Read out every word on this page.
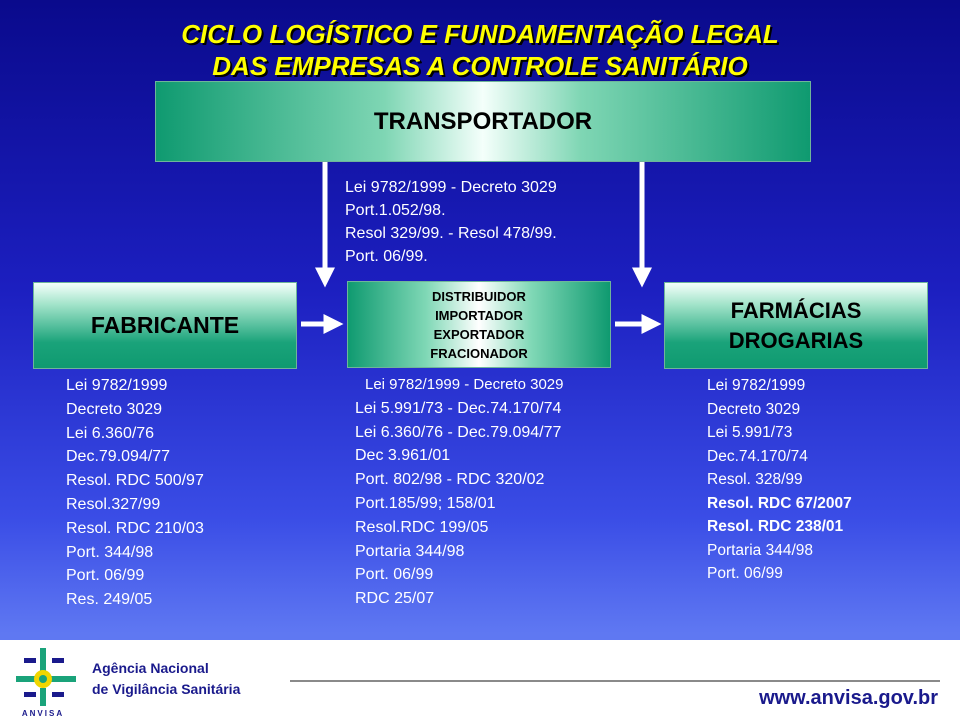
CICLO LOGÍSTICO E FUNDAMENTAÇÃO LEGAL
DAS EMPRESAS A CONTROLE SANITÁRIO
TRANSPORTADOR
Lei 9782/1999 - Decreto 3029
Port.1.052/98.
Resol 329/99. - Resol 478/99.
Port. 06/99.
FABRICANTE
DISTRIBUIDOR
IMPORTADOR
EXPORTADOR
FRACIONADOR
FARMÁCIAS
DROGARIAS
Lei 9782/1999
Decreto 3029
Lei 6.360/76
Dec.79.094/77
Resol. RDC 500/97
Resol.327/99
Resol. RDC 210/03
Port. 344/98
Port. 06/99
Res. 249/05
Lei 9782/1999 - Decreto 3029
Lei 5.991/73 - Dec.74.170/74
Lei 6.360/76 - Dec.79.094/77
Dec 3.961/01
Port. 802/98 - RDC 320/02
Port.185/99; 158/01
Resol.RDC 199/05
Portaria 344/98
Port. 06/99
RDC 25/07
Lei 9782/1999
Decreto 3029
Lei 5.991/73
Dec.74.170/74
Resol. 328/99
Resol. RDC 67/2007
Resol. RDC 238/01
Portaria 344/98
Port. 06/99
ANVISA
Agência Nacional
de Vigilância Sanitária	www.anvisa.gov.br
